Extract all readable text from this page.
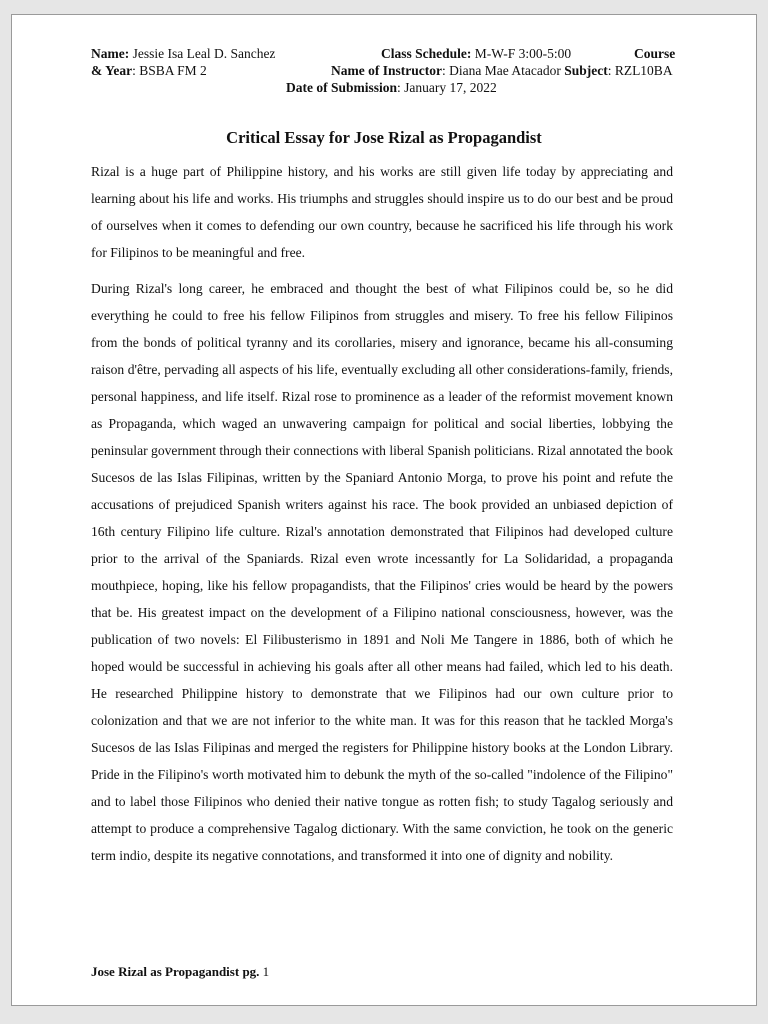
Name: Jessie Isa Leal D. Sanchez	Class Schedule: M-W-F 3:00-5:00	Course
& Year: BSBA FM 2	Name of Instructor: Diana Mae Atacador Subject: RZL10BA
Date of Submission: January 17, 2022
Critical Essay for Jose Rizal as Propagandist

Rizal is a huge part of Philippine history, and his works are still given life today by appreciating and learning about his life and works. His triumphs and struggles should inspire us to do our best and be proud of ourselves when it comes to defending our own country, because he sacrificed his life through his work for Filipinos to be meaningful and free.

During Rizal's long career, he embraced and thought the best of what Filipinos could be, so he did everything he could to free his fellow Filipinos from struggles and misery. To free his fellow Filipinos from the bonds of political tyranny and its corollaries, misery and ignorance, became his all-consuming raison d'être, pervading all aspects of his life, eventually excluding all other considerations-family, friends, personal happiness, and life itself. Rizal rose to prominence as a leader of the reformist movement known as Propaganda, which waged an unwavering campaign for political and social liberties, lobbying the peninsular government through their connections with liberal Spanish politicians. Rizal annotated the book Sucesos de las Islas Filipinas, written by the Spaniard Antonio Morga, to prove his point and refute the accusations of prejudiced Spanish writers against his race. The book provided an unbiased depiction of 16th century Filipino life culture. Rizal's annotation demonstrated that Filipinos had developed culture prior to the arrival of the Spaniards. Rizal even wrote incessantly for La Solidaridad, a propaganda mouthpiece, hoping, like his fellow propagandists, that the Filipinos' cries would be heard by the powers that be. His greatest impact on the development of a Filipino national consciousness, however, was the publication of two novels: El Filibusterismo in 1891 and Noli Me Tangere in 1886, both of which he hoped would be successful in achieving his goals after all other means had failed, which led to his death. He researched Philippine history to demonstrate that we Filipinos had our own culture prior to colonization and that we are not inferior to the white man. It was for this reason that he tackled Morga's Sucesos de las Islas Filipinas and merged the registers for Philippine history books at the London Library. Pride in the Filipino's worth motivated him to debunk the myth of the so-called "indolence of the Filipino" and to label those Filipinos who denied their native tongue as rotten fish; to study Tagalog seriously and attempt to produce a comprehensive Tagalog dictionary. With the same conviction, he took on the generic term indio, despite its negative connotations, and transformed it into one of dignity and nobility.

Jose Rizal as Propagandist pg. 1
